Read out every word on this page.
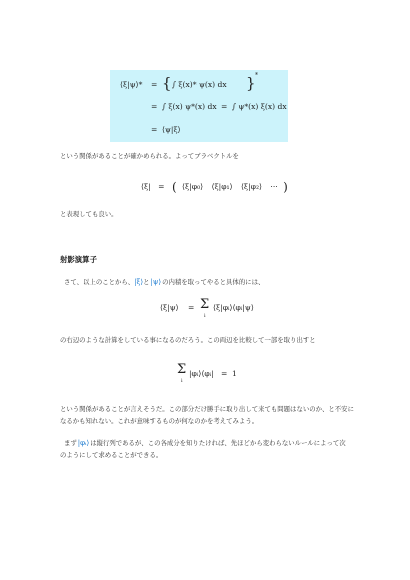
⟨ξ|ψ⟩* = { ∫ ξ(x)* ψ(x) dx } *
= ∫ ξ(x) ψ*(x) dx = ∫ ψ*(x) ξ(x) dx
= ⟨ψ|ξ⟩
という関係があることが確かめられる。よってブラベクトルを
⟨ξ| = ( ⟨ξ|φ₀⟩ ⟨ξ|φ₁⟩ ⟨ξ|φ₂⟩ ··· )
と表現しても良い。
射影演算子
さて、以上のことから、|ξ⟩と|ψ⟩の内積を取ってやると具体的には、
⟨ξ|ψ⟩ = Σ
i
⟨ξ|φᵢ⟩⟨φᵢ|ψ⟩
の右辺のような計算をしている事になるのだろう。この両辺を比較して一部を取り出すと
Σ
i
|φᵢ⟩⟨φᵢ| = 1
という関係があることが言えそうだ。この部分だけ勝手に取り出して来ても問題はないのか、と不安に
なるかも知れない。これが意味するものが何なのかを考えてみよう。
まず|φᵢ⟩は縦行列であるが、この各成分を知りたければ、先ほどから変わらないルールによって次
のようにして求めることができる。
